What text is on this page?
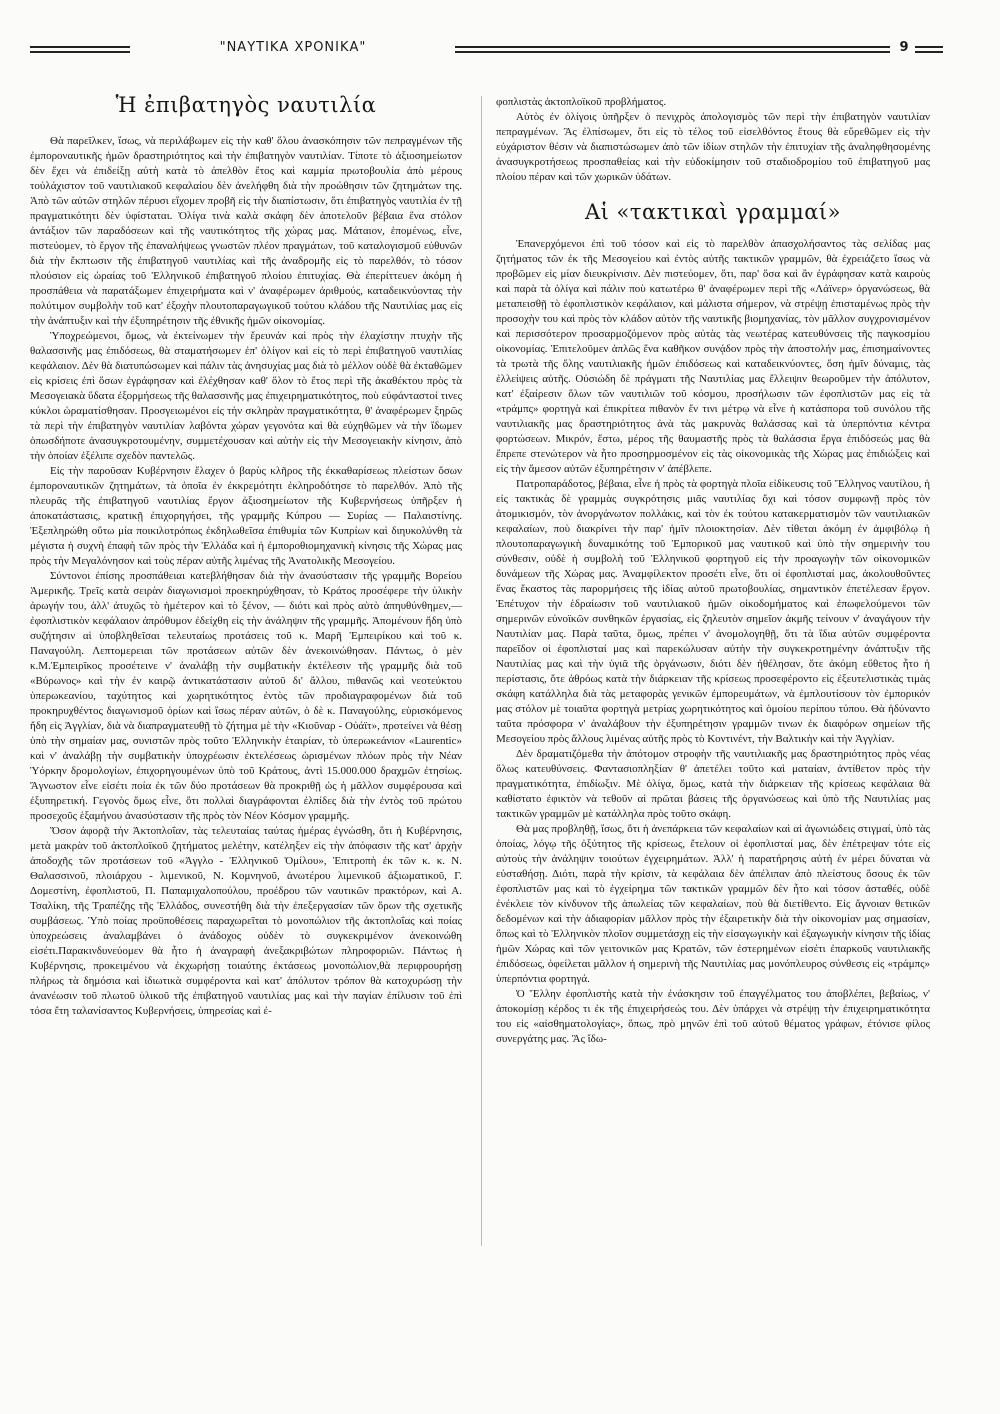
"ΝΑΥΤΙΚΑ ΧΡΟΝΙΚΑ"	9
Ἡ ἐπιβατηγὸς ναυτιλία

Θὰ παρεῖλκεν, ἴσως, νὰ περιλάβωμεν εἰς τὴν καθ' ὅλου ἀνασκόπησιν τῶν πεπραγμένων τῆς ἐμποροναυτικῆς ἡμῶν δραστηριότητος καὶ τὴν ἐπιβατηγὸν ναυτιλίαν. Τίποτε τὸ ἀξιοσημείωτον δὲν ἔχει νὰ ἐπιδείξῃ αὐτὴ κατὰ τὸ ἀπελθὸν ἔτος καὶ καμμία πρωτοβουλία ἀπὸ μέρους τοὐλάχιστον τοῦ ναυτιλιακοῦ κεφαλαίου δὲν ἀνελήφθη διὰ τὴν προώθησιν τῶν ζητημάτων της. Ἀπὸ τῶν αὐτῶν στηλῶν πέρυσι εἴχομεν προβῆ εἰς τὴν διαπίστωσιν, ὅτι ἐπιβατηγὸς ναυτιλία ἐν τῇ πραγματικότητι δὲν ὑφίσταται. Ὀλίγα τινὰ καλὰ σκάφη δὲν ἀποτελοῦν βέβαια ἕνα στόλον ἀντάξιον τῶν παραδόσεων καὶ τῆς ναυτικότητος τῆς χώρας μας. Μάταιον, ἑπομένως, εἶνε, πιστεύομεν, τὸ ἔργον τῆς ἐπαναλήψεως γνωστῶν πλέον πραγμάτων, τοῦ καταλογισμοῦ εὐθυνῶν διὰ τὴν ἔκπτωσιν τῆς ἐπιβατηγοῦ ναυτιλίας καὶ τῆς ἀναδρομῆς εἰς τὸ παρελθόν, τὸ τόσον πλούσιον εἰς ὡραίας τοῦ Ἑλληνικοῦ ἐπιβατηγοῦ πλοίου ἐπιτυχίας. Θὰ ἐπερίττευεν ἀκόμη ἡ προσπάθεια νὰ παρατάξωμεν ἐπιχειρήματα καὶ ν' ἀναφέρωμεν ἀριθμούς, καταδεικνύοντας τὴν πολύτιμον συμβολὴν τοῦ κατ' ἐξοχὴν πλουτοπαραγωγικοῦ τούτου κλάδου τῆς Ναυτιλίας μας εἰς τὴν ἀνάπτυξιν καὶ τὴν ἐξυπηρέτησιν τῆς ἐθνικῆς ἡμῶν οἰκονομίας.

Ὑποχρεώμενοι, ὅμως, νὰ ἐκτείνωμεν τὴν ἔρευνάν καὶ πρὸς τὴν ἐλαχίστην πτυχὴν τῆς θαλασσινῆς μας ἐπιδόσεως, θὰ σταματήσωμεν ἐπ' ὀλίγον καὶ εἰς τὸ περὶ ἐπιβατηγοῦ ναυτιλίας κεφάλαιον. Δὲν θὰ διατυπώσωμεν καὶ πάλιν τὰς ἀνησυχίας μας διὰ τὸ μέλλον οὐδὲ θὰ ἐκταθῶμεν εἰς κρίσεις ἐπὶ ὅσων ἐγράφησαν καὶ ἐλέχθησαν καθ' ὅλον τὸ ἔτος περὶ τῆς ἀκαθέκτου πρὸς τὰ Μεσογειακὰ ὕδατα ἐξορμήσεως τῆς θαλασσινῆς μας ἐπιχειρηματικότητος, ποὺ εὐφάνταστοί τινες κύκλοι ὡραματίσθησαν. Προσγειωμένοι εἰς τὴν σκληρὰν πραγματικότητα, θ' ἀναφέρωμεν ξηρῶς τὰ περὶ τὴν ἐπιβατηγὸν ναυτιλίαν λαβόντα χώραν γεγονότα καὶ θὰ εὐχηθῶμεν νὰ τὴν ἴδωμεν ὁπωσδήποτε ἀνασυγκροτουμένην, συμμετέχουσαν καὶ αὐτὴν εἰς τὴν Μεσογειακὴν κίνησιν, ἀπὸ τὴν ὁποίαν ἐξέλιπε σχεδὸν παντελῶς.

Εἰς τὴν παροῦσαν Κυβέρνησιν ἔλαχεν ὁ βαρὺς κλῆρος τῆς ἐκκαθαρίσεως πλείστων ὅσων ἐμποροναυτικῶν ζητημάτων, τὰ ὁποῖα ἐν ἐκκρεμότητι ἐκληροδότησε τὸ παρελθόν. Ἀπὸ τῆς πλευρᾶς τῆς ἐπιβατηγοῦ ναυτιλίας ἔργον ἀξιοσημείωτον τῆς Κυβερνήσεως ὑπῆρξεν ἡ ἀποκατάστασις, κρατικῇ ἐπιχορηγήσει, τῆς γραμμῆς Κύπρου — Συρίας — Παλαιστίνης. Ἐξεπληρώθη οὕτω μία ποικιλοτρόπως ἐκδηλωθεῖσα ἐπιθυμία τῶν Κυπρίων καὶ διηυκολύνθη τὰ μέγιστα ἡ συχνὴ ἐπαφὴ τῶν πρὸς τὴν Ἑλλάδα καὶ ἡ ἐμποροθιομηχανικὴ κίνησις τῆς Χώρας μας πρὸς τὴν Μεγαλόνησον καὶ τοὺς πέραν αὐτῆς λιμένας τῆς Ἀνατολικῆς Μεσογείου.

Σύντονοι ἐπίσης προσπάθειαι κατεβλήθησαν διὰ τὴν ἀνασύστασιν τῆς γραμμῆς Βορείου Ἀμερικῆς. Τρεῖς κατὰ σειρὰν διαγωνισμοὶ προεκηρύχθησαν, τὸ Κράτος προσέφερε τὴν ὑλικὴν ἀρωγήν του, ἀλλ' ἀτυχῶς τὸ ἡμέτερον καὶ τὸ ξένον, — διότι καὶ πρὸς αὐτὸ ἀπηυθύνθημεν,— ἐφοπλιστικὸν κεφάλαιον ἀπρόθυμον ἐδείχθη εἰς τὴν ἀνάληψιν τῆς γραμμῆς. Ἀπομένουν ἤδη ὑπὸ συζήτησιν αἱ ὑποβληθεῖσαι τελευταίως προτάσεις τοῦ κ. Μαρῆ Ἐμπειρίκου καὶ τοῦ κ. Παναγούλη. Λεπτομερειαι τῶν προτάσεων αὐτῶν δὲν ἀνεκοινώθησαν. Πάντως, ὁ μὲν κ.Μ.Ἐμπειρῖκος προσέτεινε ν' ἀναλάβῃ τὴν συμβατικὴν ἐκτέλεσιν τῆς γραμμῆς διὰ τοῦ «Βύρωνος» καὶ τὴν ἐν καιρῷ ἀντικατάστασιν αὐτοῦ δι' ἄλλου, πιθανῶς καὶ νεοτεύκτου ὑπερωκεανίου, ταχύτητος καὶ χωρητικότητος ἐντὸς τῶν προδιαγραφομένων διὰ τοῦ προκηρυχθέντος διαγωνισμοῦ ὁρίων καὶ ἴσως πέραν αὐτῶν, ὁ δὲ κ. Παναγούλης, εὑρισκόμενος ἤδη εἰς Ἀγγλίαν, διὰ νὰ διαπραγματευθῇ τὸ ζήτημα μὲ τὴν «Κιοῦναρ - Οὐάϊτ», προτείνει νὰ θέσῃ ὑπὸ τὴν σημαίαν μας, συνιστῶν πρὸς τοῦτο Ἑλληνικὴν ἑταιρίαν, τὸ ὑπερωκεάνιον «Laurentic» καὶ ν' ἀναλάβῃ τὴν συμβατικὴν ὑποχρέωσιν ἐκτελέσεως ὡρισμένων πλόων πρὸς τὴν Νέαν Ὑόρκην δρομολογίων, ἐπιχορηγουμένων ὑπὸ τοῦ Κράτους, ἀντὶ 15.000.000 δραχμῶν ἐτησίως. Ἄγνωστον εἶνε εἰσέτι ποία ἐκ τῶν δύο προτάσεων θὰ προκριθῇ ὡς ἡ μᾶλλον συμφέρουσα καὶ ἐξυπηρετική. Γεγονὸς ὅμως εἶνε, ὅτι πολλαὶ διαγράφονται ἐλπίδες διὰ τὴν ἐντὸς τοῦ πρώτου προσεχοῦς ἑξαμήνου ἀνασύστασιν τῆς πρὸς τὸν Νέον Κόσμον γραμμῆς.

Ὅσον ἀφορᾷ τὴν Ἀκτοπλοΐαν, τὰς τελευταίας ταύτας ἡμέρας ἐγνώσθη, ὅτι ἡ Κυβέρνησις, μετὰ μακρὰν τοῦ ἀκτοπλοϊκοῦ ζητήματος μελέτην, κατέληξεν εἰς τὴν ἀπόφασιν τῆς κατ' ἀρχὴν ἀποδοχῆς τῶν προτάσεων τοῦ «Ἀγγλο - Ἑλληνικοῦ Ὁμίλου», Ἐπιτροπὴ ἐκ τῶν κ. κ. Ν. Θαλασσινοῦ, πλοιάρχου - λιμενικοῦ, Ν. Κομνηνοῦ, ἀνωτέρου λιμενικοῦ ἀξιωματικοῦ, Γ. Δομεστίνη, ἐφοπλιστοῦ, Π. Παπαμιχαλοπούλου, προέδρου τῶν ναυτικῶν πρακτόρων, καὶ Α. Τσαλίκη, τῆς Τραπέζης τῆς Ἑλλάδος, συνεστήθη διὰ τὴν ἐπεξεργασίαν τῶν ὅρων τῆς σχετικῆς συμβάσεως. Ὑπὸ ποίας προϋποθέσεις παραχωρεῖται τὸ μονοπώλιον τῆς ἀκτοπλοΐας καὶ ποίας ὑποχρεώσεις ἀναλαμβάνει ὁ ἀνάδοχος οὐδὲν τὸ συγκεκριμένον ἀνεκοινώθη εἰσέτι.Παρακινδυνεύομεν θὰ ἦτο ἡ ἀναγραφὴ ἀνεξακριβώτων πληροφοριῶν. Πάντως ἡ Κυβέρνησις, προκειμένου νὰ ἐκχωρήσῃ τοιαύτης ἐκτάσεως μονοπώλιον,θὰ περιφρουρήσῃ πλήρως τὰ δημόσια καὶ ἰδιωτικὰ συμφέροντα καὶ κατ' ἀπόλυτον τρόπον θὰ κατοχυρώσῃ τὴν ἀνανέωσιν τοῦ πλωτοῦ ὑλικοῦ τῆς ἐπιβατηγοῦ ναυτιλίας μας καὶ τὴν παγίαν ἐπίλυσιν τοῦ ἐπὶ τόσα ἔτη ταλανίσαντος Κυβερνήσεις, ὑπηρεσίας καὶ ἐ-

φοπλιστὰς ἀκτοπλοϊκοῦ προβλήματος.

Αὐτὸς ἐν ὀλίγοις ὑπῆρξεν ὁ πενιχρὸς ἀπολογισμὸς τῶν περὶ τὴν ἐπιβατηγὸν ναυτιλίαν πεπραγμένων. Ἂς ἐλπίσωμεν, ὅτι εἰς τὸ τέλος τοῦ εἰσελθόντος ἔτους θὰ εὕρεθῶμεν εἰς τὴν εὐχάριστον θέσιν νὰ διαπιστώσωμεν ἀπὸ τῶν ἰδίων στηλῶν τὴν ἐπιτυχίαν τῆς ἀναληφθησομένης ἀνασυγκροτήσεως προσπαθείας καὶ τὴν εὐδοκίμησιν τοῦ σταδιοδρομίου τοῦ ἐπιβατηγοῦ μας πλοίου πέραν καὶ τῶν χωρικῶν ὑδάτων.

Αἱ «τακτικαὶ γραμμαί»

Ἐπανερχόμενοι ἐπὶ τοῦ τόσον καὶ εἰς τὸ παρελθὸν ἀπασχολήσαντος τὰς σελίδας μας ζητήματος τῶν ἐκ τῆς Μεσογείου καὶ ἐντὸς αὐτῆς τακτικῶν γραμμῶν, θὰ ἐχρειάζετο ἴσως νὰ προβῶμεν εἰς μίαν διευκρίνισιν. Δὲν πιστεύομεν, ὅτι, παρ' ὅσα καὶ ἂν ἐγράφησαν κατὰ καιροὺς καὶ παρὰ τὰ ὀλίγα καὶ πάλιν ποὺ κατωτέρω θ' ἀναφέρωμεν περὶ τῆς «Λάϊνερ» ὀργανώσεως, θὰ μεταπεισθῇ τὸ ἐφοπλιστικὸν κεφάλαιον, καὶ μάλιστα σήμερον, νὰ στρέψῃ ἐπισταμένως πρὸς τὴν προσοχὴν του καὶ πρὸς τὸν κλάδον αὐτὸν τῆς ναυτικῆς βιομηχανίας, τὸν μᾶλλον συγχρονισμένον καὶ περισσότερον προσαρμοζόμενον πρὸς αὐτὰς τὰς νεωτέρας κατευθύνσεις τῆς παγκοσμίου οἰκονομίας. Ἐπιτελοῦμεν ἁπλῶς ἕνα καθῆκον συνᾴδον πρὸς τὴν ἀποστολήν μας, ἐπισημαίνοντες τὰ τρωτὰ τῆς ὅλης ναυτιλιακῆς ἡμῶν ἐπιδόσεως καὶ καταδεικνύοντες, ὅση ἡμῖν δύναμις, τὰς ἐλλείψεις αὐτῆς. Οὐσιώδη δὲ πράγματι τῆς Ναυτιλίας μας ἔλλειψιν θεωροῦμεν τὴν ἀπόλυτον, κατ' ἐξαίρεσιν ὅλων τῶν ναυτιλιῶν τοῦ κόσμου, προσήλωσιν τῶν ἐφοπλιστῶν μας εἰς τὰ «τράμπς» φορτηγὰ καὶ ἐπικρίτεα πιθανὸν ἔν τινι μέτρῳ νὰ εἶνε ἡ κατάσπορα τοῦ συνόλου τῆς ναυτιλιακῆς μας δραστηριότητος ἀνὰ τὰς μακρυνὰς θαλάσσας καὶ τὰ ὑπερπόντια κέντρα φορτώσεων. Μικρόν, ἔστω, μέρος τῆς θαυμαστῆς πρὸς τὰ θαλάσσια ἔργα ἐπιδόσεώς μας θὰ ἔπρεπε στενώτερον νὰ ἦτο προσηρμοσμένον εἰς τὰς οἰκονομικὰς τῆς Χώρας μας ἐπιδιώξεις καὶ εἰς τὴν ἄμεσον αὐτῶν ἐξυπηρέτησιν ν' ἀπέβλεπε.

Πατροπαράδοτος, βέβαια, εἶνε ἡ πρὸς τὰ φορτηγὰ πλοῖα εἰδίκευσις τοῦ Ἕλληνος ναυτίλου, ἡ εἰς τακτικὰς δὲ γραμμὰς συγκρότησις μιᾶς ναυτιλίας ὄχι καὶ τόσον συμφωνῇ πρὸς τὸν ἀτομικισμόν, τὸν ἀνοργάνωτον πολλάκις, καὶ τὸν ἐκ τούτου κατακερματισμὸν τῶν ναυτιλιακῶν κεφαλαίων, ποὺ διακρίνει τὴν παρ' ἡμῖν πλοιοκτησίαν. Δὲν τίθεται ἀκόμη ἐν ἀμφιβόλῳ ἡ πλουτοπαραγωγικὴ δυναμικότης τοῦ Ἐμπορικοῦ μας ναυτικοῦ καὶ ὑπὸ τὴν σημερινὴν του σύνθεσιν, οὐδὲ ἡ συμβολὴ τοῦ Ἑλληνικοῦ φορτηγοῦ εἰς τὴν προαγωγὴν τῶν οἰκονομικῶν δυνάμεων τῆς Χώρας μας. Ἀναμφίλεκτον προσέτι εἶνε, ὅτι οἱ ἐφοπλισταί μας, ἀκολουθοῦντες ἕνας ἕκαστος τὰς παρορμήσεις τῆς ἰδίας αὐτοῦ πρωτοβουλίας, σημαντικὸν ἐπετέλεσαν ἔργον. Ἐπέτυχον τὴν ἑδραίωσιν τοῦ ναυτιλιακοῦ ἡμῶν οἰκοδομήματος καὶ ἐπωφελούμενοι τῶν σημερινῶν εὐνοϊκῶν συνθηκῶν ἐργασίας, εἰς ζηλευτὸν σημεῖον ἀκμῆς τείνουν ν' ἀναγάγουν τὴν Ναυτιλίαν μας. Παρὰ ταῦτα, ὅμως, πρέπει ν' ἀνομολογηθῇ, ὅτι τὰ ἴδια αὐτῶν συμφέροντα παρεῖδον οἱ ἐφοπλισταί μας καὶ παρεκώλυσαν αὐτὴν τὴν συγκεκροτημένην ἀνάπτυξιν τῆς Ναυτιλίας μας καὶ τὴν ὑγιᾶ τῆς ὀργάνωσιν, διότι δὲν ἠθέλησαν, ὅτε ἀκόμη εὔθετος ἦτο ἡ περίστασις, ὅτε ἀθρόως κατὰ τὴν διάρκειαν τῆς κρίσεως προσεφέροντο εἰς ἐξευτελιστικὰς τιμὰς σκάφη κατάλληλα διὰ τὰς μεταφορὰς γενικῶν ἐμπορευμάτων, νὰ ἐμπλουτίσουν τὸν ἐμπορικόν μας στόλον μὲ τοιαῦτα φορτηγὰ μετρίας χωρητικότητος καὶ ὁμοίου περίπου τύπου. Θὰ ἠδύναντο ταῦτα πρόσφορα ν' ἀναλάβουν τὴν ἐξυπηρέτησιν γραμμῶν τινων ἐκ διαφόρων σημείων τῆς Μεσογείου πρὸς ἄλλους λιμένας αὐτῆς πρὸς τὸ Κοντινέντ, τὴν Βαλτικὴν καὶ τὴν Ἀγγλίαν.

Δὲν δραματιζόμεθα τὴν ἀπότομον στροφὴν τῆς ναυτιλιακῆς μας δραστηριότητος πρὸς νέας ὅλως κατευθύνσεις. Φαντασιοπληξίαν θ' ἀπετέλει τοῦτο καὶ ματαίαν, ἀντίθετον πρὸς τὴν πραγματικότητα, ἐπιδίωξιν. Μὲ ὀλίγα, ὅμως, κατὰ τὴν διάρκειαν τῆς κρίσεως κεφάλαια θὰ καθίστατο ἐφικτὸν νὰ τεθοῦν αἱ πρῶται βάσεις τῆς ὀργανώσεως καὶ ὑπὸ τῆς Ναυτιλίας μας τακτικῶν γραμμῶν μὲ κατάλληλα πρὸς τοῦτο σκάφη.

Θὰ μας προβληθῇ, ἴσως, ὅτι ἡ ἀνεπάρκεια τῶν κεφαλαίων καὶ αἱ ἀγωνιώδεις στιγμαί, ὑπὸ τὰς ὁποίας, λόγῳ τῆς ὀξύτητος τῆς κρίσεως, ἔτελουν οἱ ἐφοπλισταί μας, δὲν ἐπέτρεψαν τότε εἰς αὐτοὺς τὴν ἀνάληψιν τοιούτων ἐγχειρημάτων. Ἀλλ' ἡ παρατήρησις αὐτὴ ἐν μέρει δύναται νὰ εὐσταθήσῃ. Διότι, παρὰ τὴν κρίσιν, τὰ κεφάλαια δὲν ἀπέλιπαν ἀπὸ πλείστους ὅσους ἐκ τῶν ἐφοπλιστῶν μας καὶ τὸ ἐγχείρημα τῶν τακτικῶν γραμμῶν δὲν ἦτο καὶ τόσον ἀσταθές, οὐδὲ ἐνέκλειε τὸν κίνδυνον τῆς ἀπωλείας τῶν κεφαλαίων, ποὺ θὰ διετίθεντο. Εἰς ἄγνοιαν θετικῶν δεδομένων καὶ τὴν ἀδιαφορίαν μᾶλλον πρὸς τὴν ἐξαιρετικὴν διὰ τὴν οἰκονομίαν μας σημασίαν, ὅπως καὶ τὸ Ἑλληνικὸν πλοῖον συμμετάσχῃ εἰς τὴν εἰσαγωγικὴν καὶ ἐξαγωγικὴν κίνησιν τῆς ἰδίας ἡμῶν Χώρας καὶ τῶν γειτονικῶν μας Κρατῶν, τῶν ἐστερημένων εἰσέτι ἐπαρκοῦς ναυτιλιακῆς ἐπιδόσεως, ὀφείλεται μᾶλλον ἡ σημερινὴ τῆς Ναυτιλίας μας μονόπλευρος σύνθεσις εἰς «τράμπς» ὑπερπόντια φορτηγά.

Ὁ Ἕλλην ἐφοπλιστὴς κατὰ τὴν ἐνάσκησιν τοῦ ἐπαγγέλματος του ἀποβλέπει, βεβαίως, ν' ἀποκομίσῃ κέρδος τι ἐκ τῆς ἐπιχειρήσεώς του. Δὲν ὑπάρχει νὰ στρέψῃ τὴν ἐπιχειρηματικότητα του εἰς «αἰσθηματολογίας», ὅπως, πρὸ μηνῶν ἐπὶ τοῦ αὐτοῦ θέματος γράφων, ἐτόνισε φίλος συνεργάτης μας. Ἂς ἴδω-
